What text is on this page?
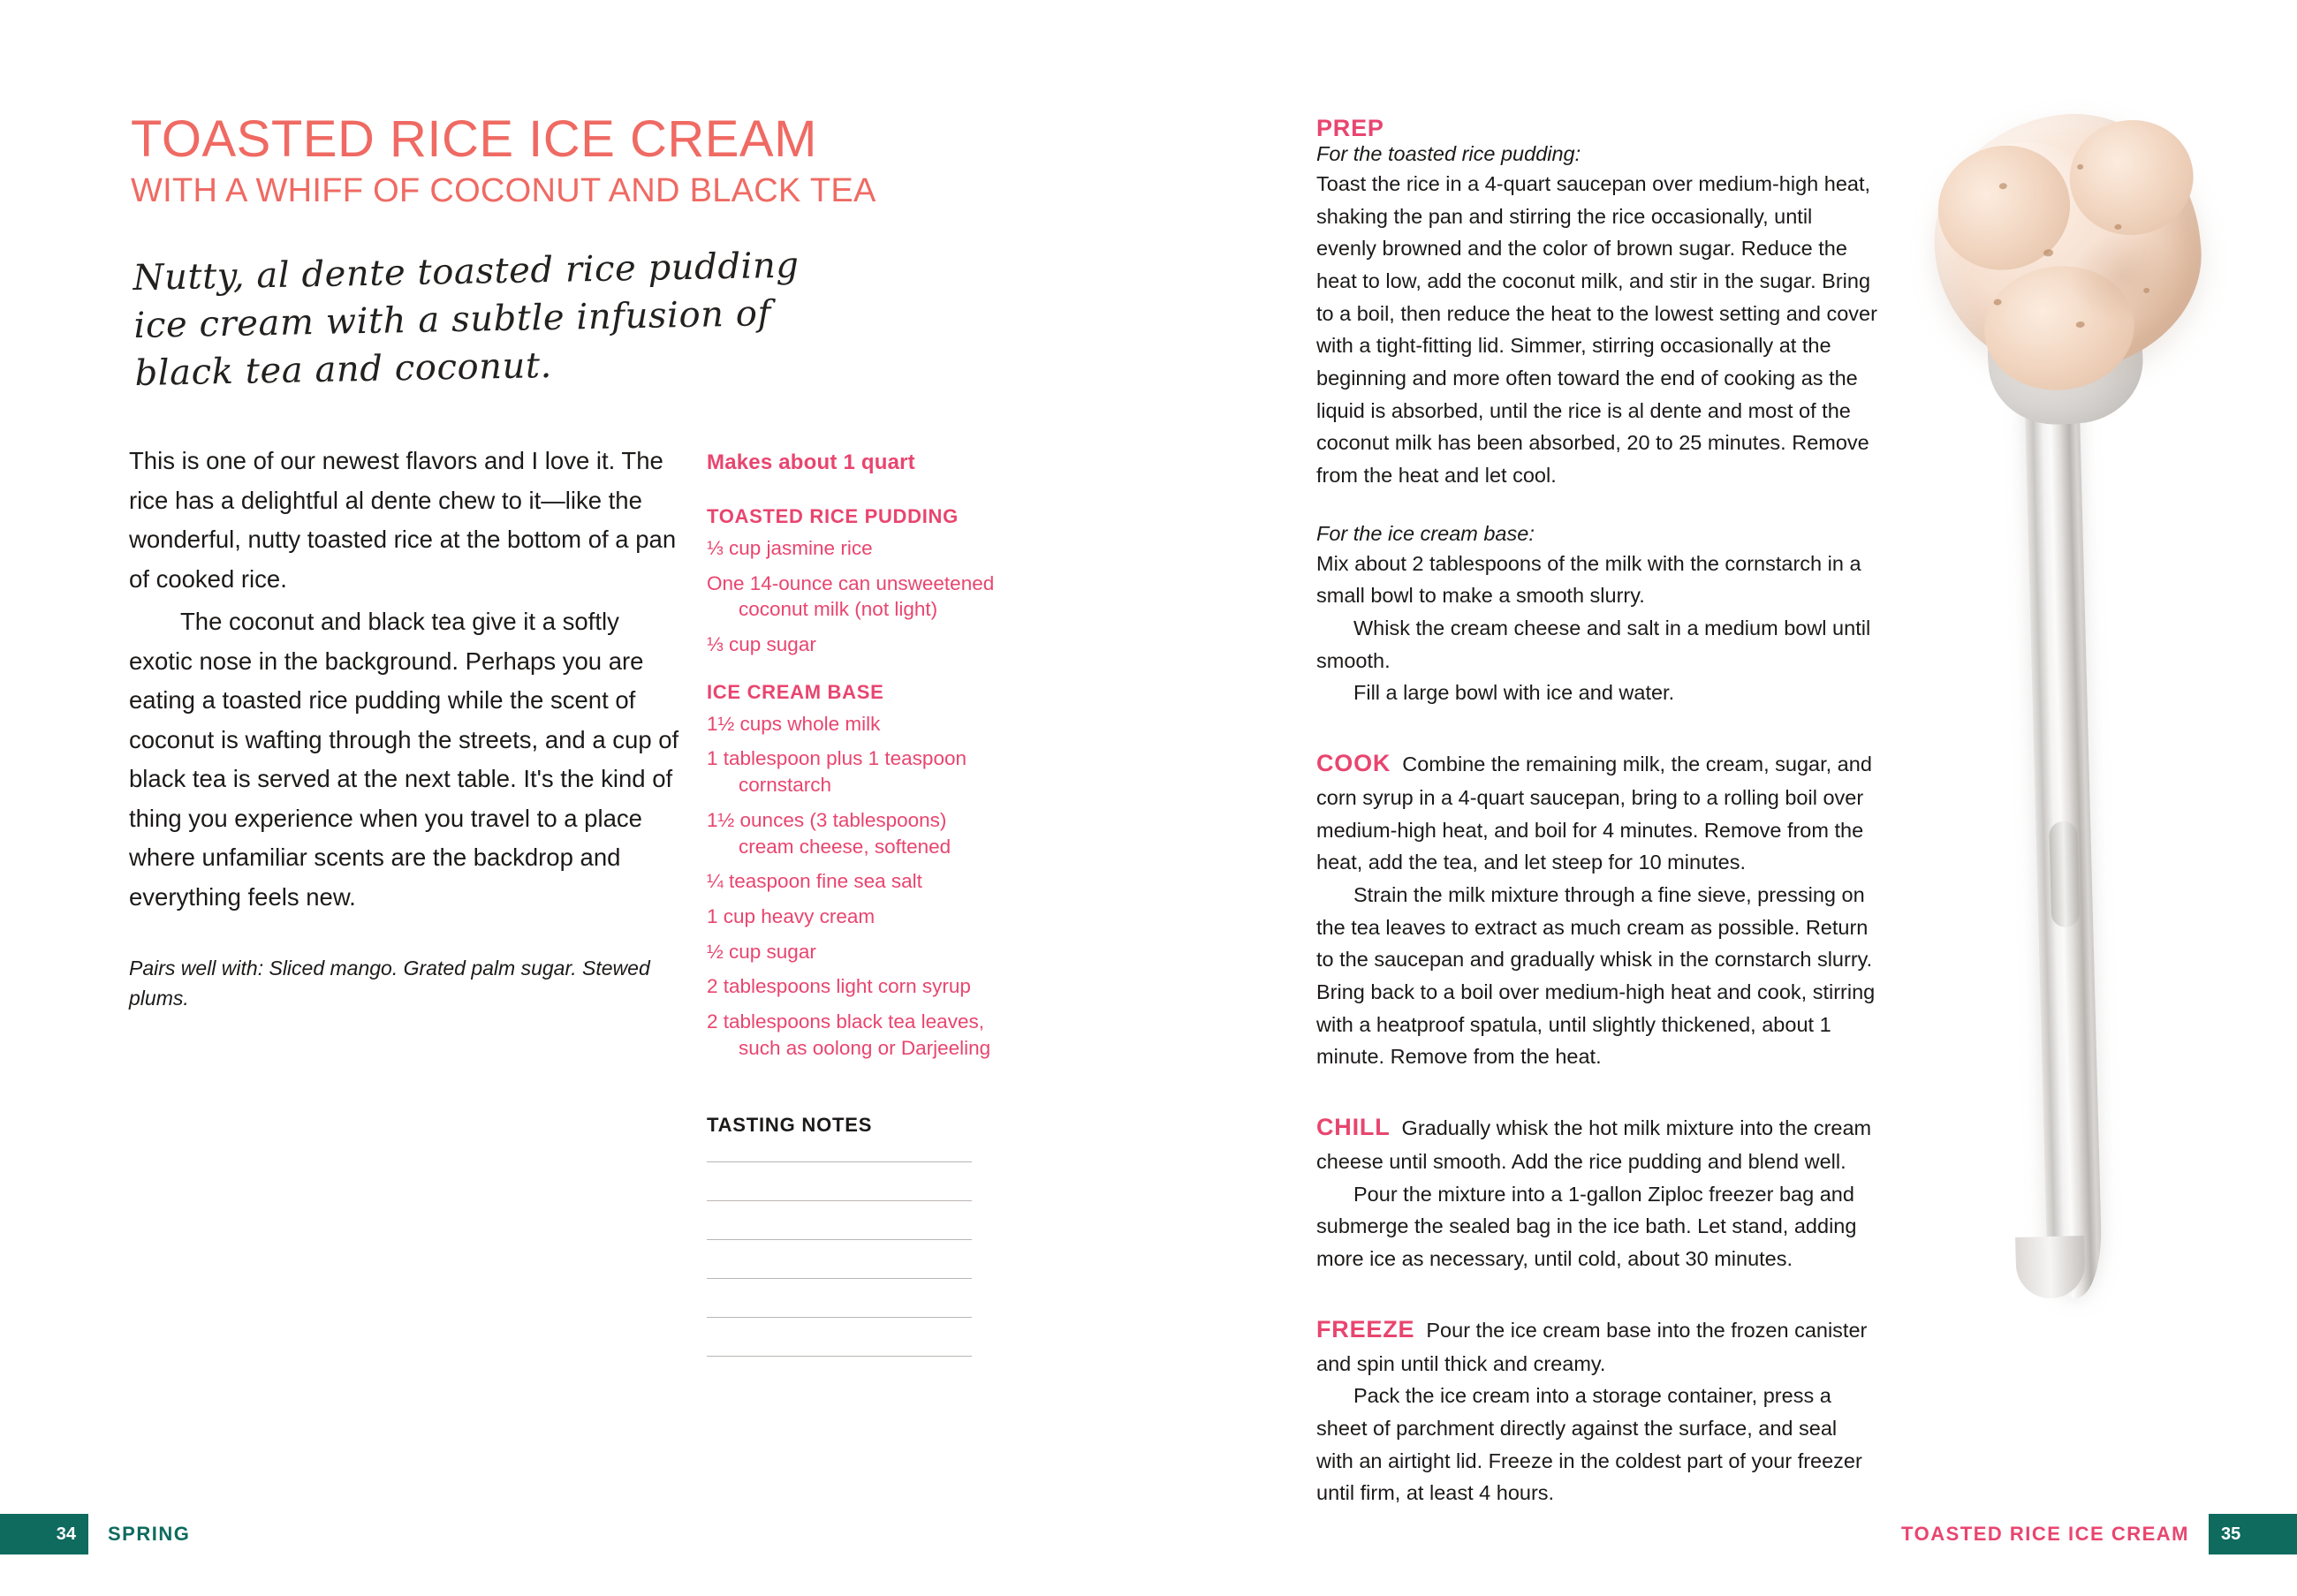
TOASTED RICE ICE CREAM
WITH A WHIFF OF COCONUT AND BLACK TEA
Nutty, al dente toasted rice pudding ice cream with a subtle infusion of black tea and coconut.

This is one of our newest flavors and I love it. The rice has a delightful al dente chew to it—like the wonderful, nutty toasted rice at the bottom of a pan of cooked rice.

The coconut and black tea give it a softly exotic nose in the background. Perhaps you are eating a toasted rice pudding while the scent of coconut is wafting through the streets, and a cup of black tea is served at the next table. It's the kind of thing you experience when you travel to a place where unfamiliar scents are the backdrop and everything feels new.

Pairs well with: Sliced mango. Grated palm sugar. Stewed plums.
Makes about 1 quart
TOASTED RICE PUDDING
⅓ cup jasmine rice
One 14-ounce can unsweetened
coconut milk (not light)
⅓ cup sugar
ICE CREAM BASE
1½ cups whole milk
1 tablespoon plus 1 teaspoon
cornstarch
1½ ounces (3 tablespoons)
cream cheese, softened
¼ teaspoon fine sea salt
1 cup heavy cream
½ cup sugar
2 tablespoons light corn syrup
2 tablespoons black tea leaves,
such as oolong or Darjeeling
TASTING NOTES
34	SPRING
PREP
For the toasted rice pudding:

Toast the rice in a 4-quart saucepan over medium-high heat, shaking the pan and stirring the rice occasionally, until evenly browned and the color of brown sugar. Reduce the heat to low, add the coconut milk, and stir in the sugar. Bring to a boil, then reduce the heat to the lowest setting and cover with a tight-fitting lid. Simmer, stirring occasionally at the beginning and more often toward the end of cooking as the liquid is absorbed, until the rice is al dente and most of the coconut milk has been absorbed, 20 to 25 minutes. Remove from the heat and let cool.

For the ice cream base:

Mix about 2 tablespoons of the milk with the cornstarch in a small bowl to make a smooth slurry.

Whisk the cream cheese and salt in a medium bowl until smooth.

Fill a large bowl with ice and water.

COOK Combine the remaining milk, the cream, sugar, and corn syrup in a 4-quart saucepan, bring to a rolling boil over medium-high heat, and boil for 4 minutes. Remove from the heat, add the tea, and let steep for 10 minutes.

Strain the milk mixture through a fine sieve, pressing on the tea leaves to extract as much cream as possible. Return to the saucepan and gradually whisk in the cornstarch slurry. Bring back to a boil over medium-high heat and cook, stirring with a heatproof spatula, until slightly thickened, about 1 minute. Remove from the heat.

CHILL Gradually whisk the hot milk mixture into the cream cheese until smooth. Add the rice pudding and blend well.

Pour the mixture into a 1-gallon Ziploc freezer bag and submerge the sealed bag in the ice bath. Let stand, adding more ice as necessary, until cold, about 30 minutes.

FREEZE Pour the ice cream base into the frozen canister and spin until thick and creamy.

Pack the ice cream into a storage container, press a sheet of parchment directly against the surface, and seal with an airtight lid. Freeze in the coldest part of your freezer until firm, at least 4 hours.

TOASTED RICE ICE CREAM	35
